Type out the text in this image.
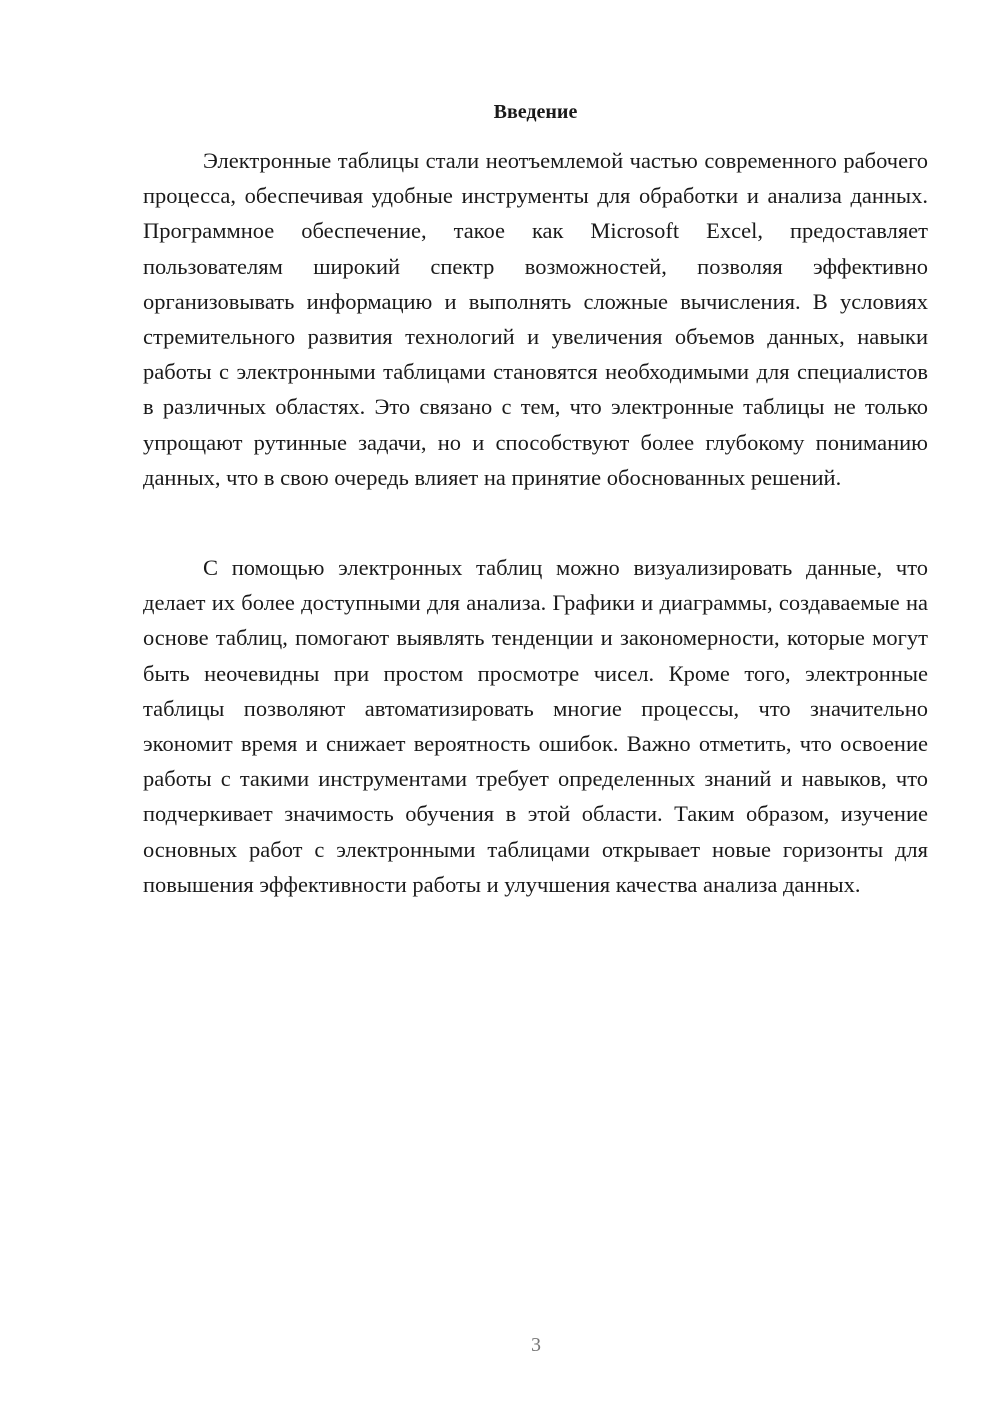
Введение

Электронные таблицы стали неотъемлемой частью современного рабочего процесса, обеспечивая удобные инструменты для обработки и анализа данных. Программное обеспечение, такое как Microsoft Excel, предоставляет пользователям широкий спектр возможностей, позволяя эффективно организовывать информацию и выполнять сложные вычисления. В условиях стремительного развития технологий и увеличения объемов данных, навыки работы с электронными таблицами становятся необходимыми для специалистов в различных областях. Это связано с тем, что электронные таблицы не только упрощают рутинные задачи, но и способствуют более глубокому пониманию данных, что в свою очередь влияет на принятие обоснованных решений.

С помощью электронных таблиц можно визуализировать данные, что делает их более доступными для анализа. Графики и диаграммы, создаваемые на основе таблиц, помогают выявлять тенденции и закономерности, которые могут быть неочевидны при простом просмотре чисел. Кроме того, электронные таблицы позволяют автоматизировать многие процессы, что значительно экономит время и снижает вероятность ошибок. Важно отметить, что освоение работы с такими инструментами требует определенных знаний и навыков, что подчеркивает значимость обучения в этой области. Таким образом, изучение основных работ с электронными таблицами открывает новые горизонты для повышения эффективности работы и улучшения качества анализа данных.

3
